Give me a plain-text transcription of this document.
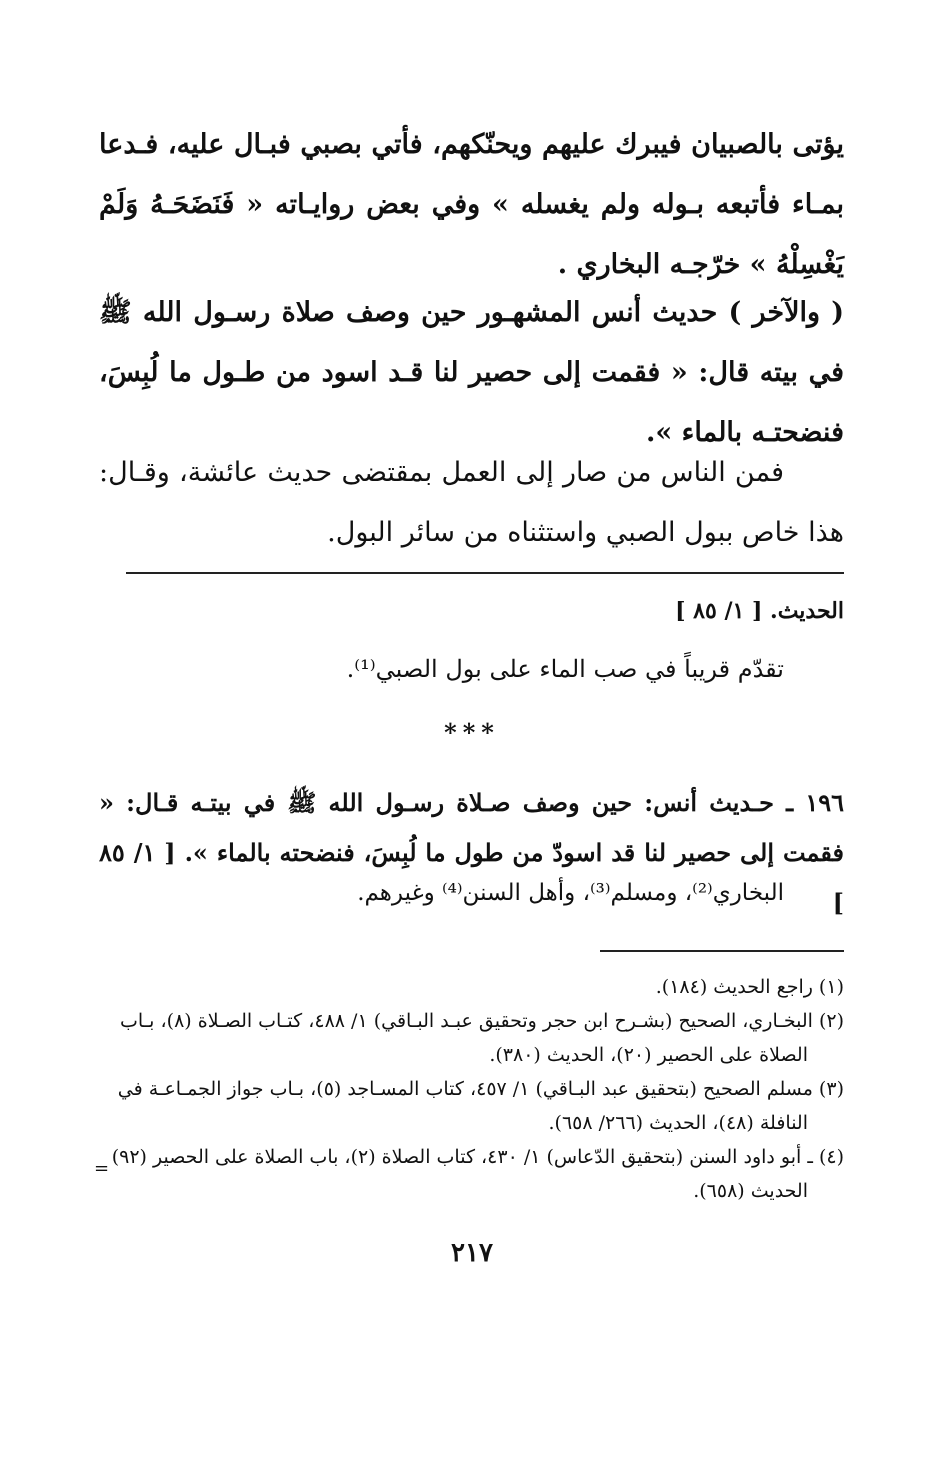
يؤتى بالصبيان فيبرك عليهم ويحنّكهم، فأتي بصبي فبـال عليه، فـدعا بمـاء فأتبعه بـوله ولم يغسله » وفي بعض روايـاته « فَنَضَحَـهُ وَلَمْ يَغْسِلْهُ » خرّجـه البخاري .
( والآخر ) حديث أنس المشهـور حين وصف صلاة رسـول الله ﷺ في بيته قال: « فقمت إلى حصير لنا قـد اسود من طـول ما لُبِسَ، فنضحتـه بالماء ».
فمن الناس من صار إلى العمل بمقتضى حديث عائشة، وقـال: هذا خاص ببول الصبي واستثناه من سائر البول.
الحديث. [ ١/ ٨٥ ]
تقدّم قريباً في صب الماء على بول الصبي⁽¹⁾.
***
١٩٦ ـ حـديث أنس: حين وصف صـلاة رسـول الله ﷺ في بيتـه قـال: « فقمت إلى حصير لنا قد اسودّ من طول ما لُبِسَ، فنضحته بالماء ». [ ١/ ٨٥ ]
البخاري⁽²⁾، ومسلم⁽³⁾، وأهل السنن⁽⁴⁾ وغيرهم.
(١) راجع الحديث (١٨٤).
(٢) البخـاري، الصحيح (بشـرح ابن حجر وتحقيق عبـد البـاقي) ١/ ٤٨٨، كتـاب الصـلاة (٨)، بـاب
الصلاة على الحصير (٢٠)، الحديث (٣٨٠).
(٣) مسلم الصحيح (بتحقيق عبد البـاقي) ١/ ٤٥٧، كتاب المسـاجد (٥)، بـاب جواز الجمـاعـة في
النافلة (٤٨)، الحديث (٢٦٦/ ٦٥٨).
(٤) ـ أبو داود السنن (بتحقيق الدّعاس) ١/ ٤٣٠، كتاب الصلاة (٢)، باب الصلاة على الحصير (٩٢)
الحديث (٦٥٨).
=
٢١٧
